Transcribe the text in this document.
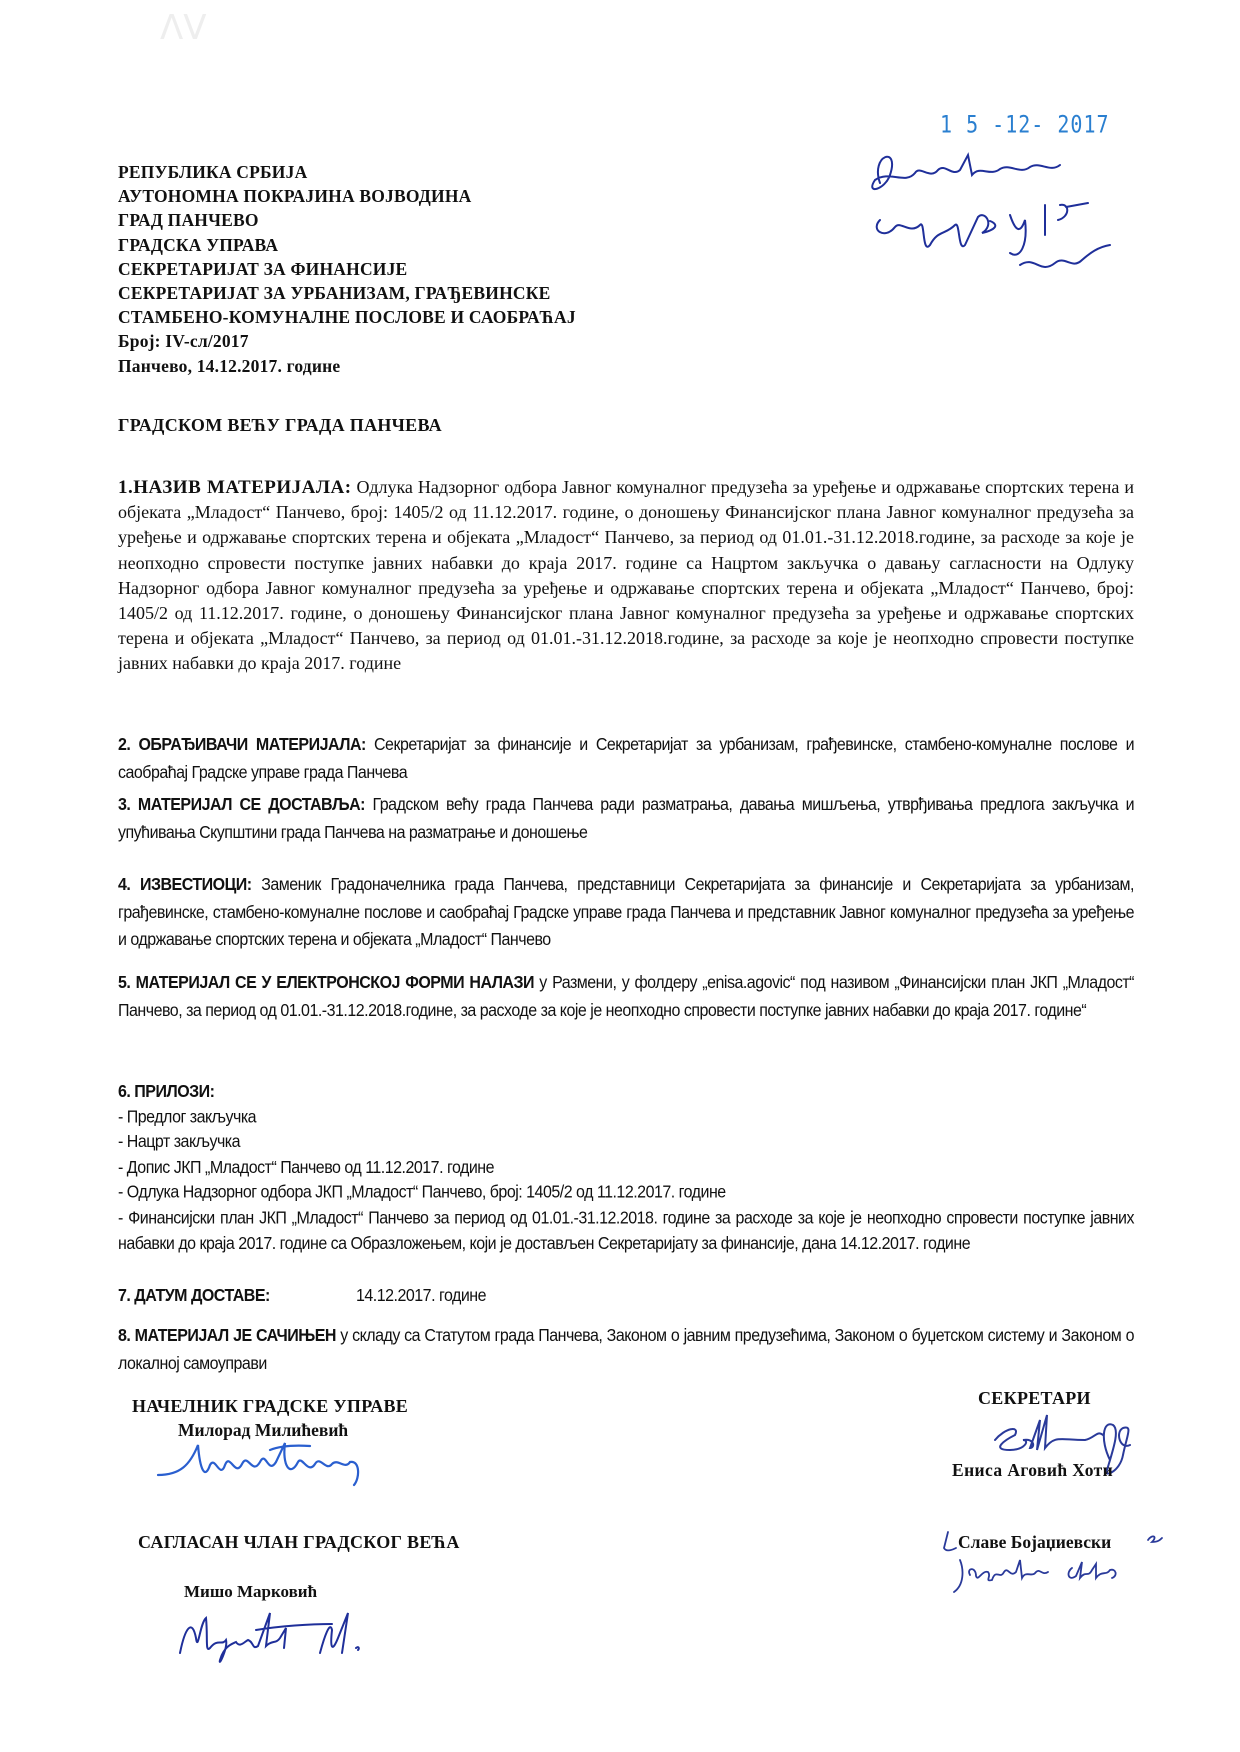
ᐱᐯ
РЕПУБЛИКА СРБИЈА
АУТОНОМНА ПОКРАЈИНА ВОЈВОДИНА
ГРАД ПАНЧЕВО
ГРАДСКА УПРАВА
СЕКРЕТАРИЈАТ ЗА ФИНАНСИЈЕ
СЕКРЕТАРИЈАТ ЗА УРБАНИЗАМ, ГРАЂЕВИНСКЕ
СТАМБЕНО-КОМУНАЛНЕ ПОСЛОВЕ И САОБРАЋАЈ
Број: IV-сл/2017
Панчево, 14.12.2017. године
1 5 -12- 2017
ГРАДСКОМ ВЕЋУ ГРАДА ПАНЧЕВА
1.НАЗИВ МАТЕРИЈАЛА: Одлука Надзорног одбора Јавног комуналног предузећа за уређење и одржавање спортских терена и објеката „Младост“ Панчево, број: 1405/2 од 11.12.2017. године, о доношењу Финансијског плана Јавног комуналног предузећа за уређење и одржавање спортских терена и објеката „Младост“ Панчево, за период од 01.01.-31.12.2018.године, за расходе за које је неопходно спровести поступке јавних набавки до краја 2017. године са Нацртом закључка о давању сагласности на Одлуку Надзорног одбора Јавног комуналног предузећа за уређење и одржавање спортских терена и објеката „Младост“ Панчево, број: 1405/2 од 11.12.2017. године, о доношењу Финансијског плана Јавног комуналног предузећа за уређење и одржавање спортских терена и објеката „Младост“ Панчево, за период од 01.01.-31.12.2018.године, за расходе за које је неопходно спровести поступке јавних набавки до краја 2017. године
2. ОБРАЂИВАЧИ МАТЕРИЈАЛА: Секретаријат за финансије и Секретаријат за урбанизам, грађевинске, стамбено-комуналне послове и саобраћај Градске управе града Панчева
3. МАТЕРИЈАЛ СЕ ДОСТАВЉА: Градском већу града Панчева ради разматрања, давања мишљења, утврђивања предлога закључка и упућивања Скупштини града Панчева на разматрање и доношење
4. ИЗВЕСТИОЦИ: Заменик Градоначелника града Панчева, представници Секретаријата за финансије и Секретаријата за урбанизам, грађевинске, стамбено-комуналне послове и саобраћај Градске управе града Панчева и представник Јавног комуналног предузећа за уређење и одржавање спортских терена и објеката „Младост“ Панчево
5. МАТЕРИЈАЛ СЕ У ЕЛЕКТРОНСКОЈ ФОРМИ НАЛАЗИ у Размени, у фолдеру „enisa.agovic“ под називом „Финансијски план ЈКП „Младост“ Панчево, за период од 01.01.-31.12.2018.године, за расходе за које је неопходно спровести поступке јавних набавки до краја 2017. године“
6. ПРИЛОЗИ:
- Предлог закључка
- Нацрт закључка
- Допис ЈКП „Младост“ Панчево од 11.12.2017. године
- Одлука Надзорног одбора ЈКП „Младост“ Панчево, број: 1405/2 од 11.12.2017. године
- Финансијски план ЈКП „Младост“ Панчево за период од 01.01.-31.12.2018. године за расходе за које је неопходно спровести поступке јавних набавки до краја 2017. године са Образложењем, који је достављен Секретаријату за финансије, дана 14.12.2017. године
7. ДАТУМ ДОСТАВЕ:	14.12.2017. године
8. МАТЕРИЈАЛ ЈЕ САЧИЊЕН у складу са Статутом града Панчева, Законом о јавним предузећима, Законом о буџетском систему и Законом о локалној самоуправи
НАЧЕЛНИК ГРАДСКЕ УПРАВЕ
Милорад Милићевић
СЕКРЕТАРИ
Ениса Аговић Хоти
Славе Бојаџиевски
САГЛАСАН ЧЛАН ГРАДСКОГ ВЕЋА
Мишо Марковић
